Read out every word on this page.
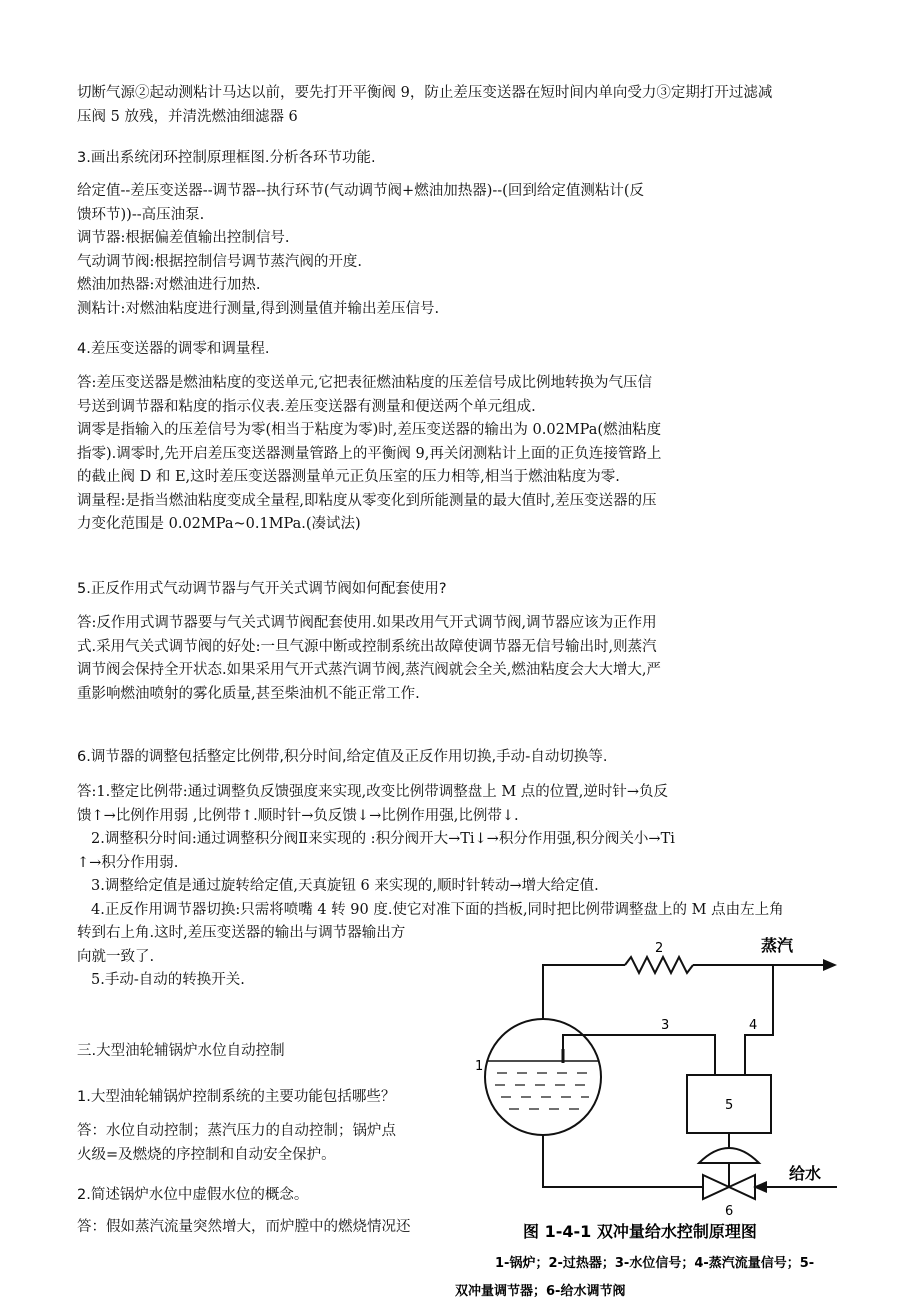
切断气源②起动测粘计马达以前，要先打开平衡阀 9，防止差压变送器在短时间内单向受力③定期打开过滤减
压阀 5 放残，并清洗燃油细滤器 6
3.画出系统闭环控制原理框图.分析各环节功能.
给定值--差压变送器--调节器--执行环节(气动调节阀+燃油加热器)--(回到给定值测粘计(反
馈环节))--高压油泵.
调节器:根据偏差值输出控制信号.
气动调节阀:根据控制信号调节蒸汽阀的开度.
燃油加热器:对燃油进行加热.
测粘计:对燃油粘度进行测量,得到测量值并输出差压信号.
4.差压变送器的调零和调量程.
答:差压变送器是燃油粘度的变送单元,它把表征燃油粘度的压差信号成比例地转换为气压信
号送到调节器和粘度的指示仪表.差压变送器有测量和便送两个单元组成.
调零是指输入的压差信号为零(相当于粘度为零)时,差压变送器的输出为 0.02MPa(燃油粘度
指零).调零时,先开启差压变送器测量管路上的平衡阀 9,再关闭测粘计上面的正负连接管路上
的截止阀 D 和 E,这时差压变送器测量单元正负压室的压力相等,相当于燃油粘度为零.
调量程:是指当燃油粘度变成全量程,即粘度从零变化到所能测量的最大值时,差压变送器的压
力变化范围是 0.02MPa~0.1MPa.(凑试法)
5.正反作用式气动调节器与气开关式调节阀如何配套使用?
答:反作用式调节器要与气关式调节阀配套使用.如果改用气开式调节阀,调节器应该为正作用
式.采用气关式调节阀的好处:一旦气源中断或控制系统出故障使调节器无信号输出时,则蒸汽
调节阀会保持全开状态.如果采用气开式蒸汽调节阀,蒸汽阀就会全关,燃油粘度会大大增大,严
重影响燃油喷射的雾化质量,甚至柴油机不能正常工作.
6.调节器的调整包括整定比例带,积分时间,给定值及正反作用切换,手动-自动切换等.
答:1.整定比例带:通过调整负反馈强度来实现,改变比例带调整盘上 M 点的位置,逆时针→负反
馈↑→比例作用弱 ,比例带↑.顺时针→负反馈↓→比例作用强,比例带↓.
2.调整积分时间:通过调整积分阀Ⅱ来实现的 :积分阀开大→Ti↓→积分作用强,积分阀关小→Ti
↑→积分作用弱.
3.调整给定值是通过旋转给定值,天真旋钮 6 来实现的,顺时针转动→增大给定值.
4.正反作用调节器切换:只需将喷嘴 4 转 90 度.使它对准下面的挡板,同时把比例带调整盘上的 M 点由左上角
转到右上角.这时,差压变送器的输出与调节器输出方
向就一致了.
5.手动-自动的转换开关.
三.大型油轮辅锅炉水位自动控制
1.大型油轮辅锅炉控制系统的主要功能包括哪些？
答：水位自动控制；蒸汽压力的自动控制；锅炉点
火级=及燃烧的序控制和自动安全保护。
2.简述锅炉水位中虚假水位的概念。
答：假如蒸汽流量突然增大，而炉膛中的燃烧情况还
1
2
3	4
5
6
蒸汽
给水
图 1-4-1 双冲量给水控制原理图
1-锅炉；2-过热器；3-水位信号；4-蒸汽流量信号；5-
双冲量调节器；6-给水调节阀
